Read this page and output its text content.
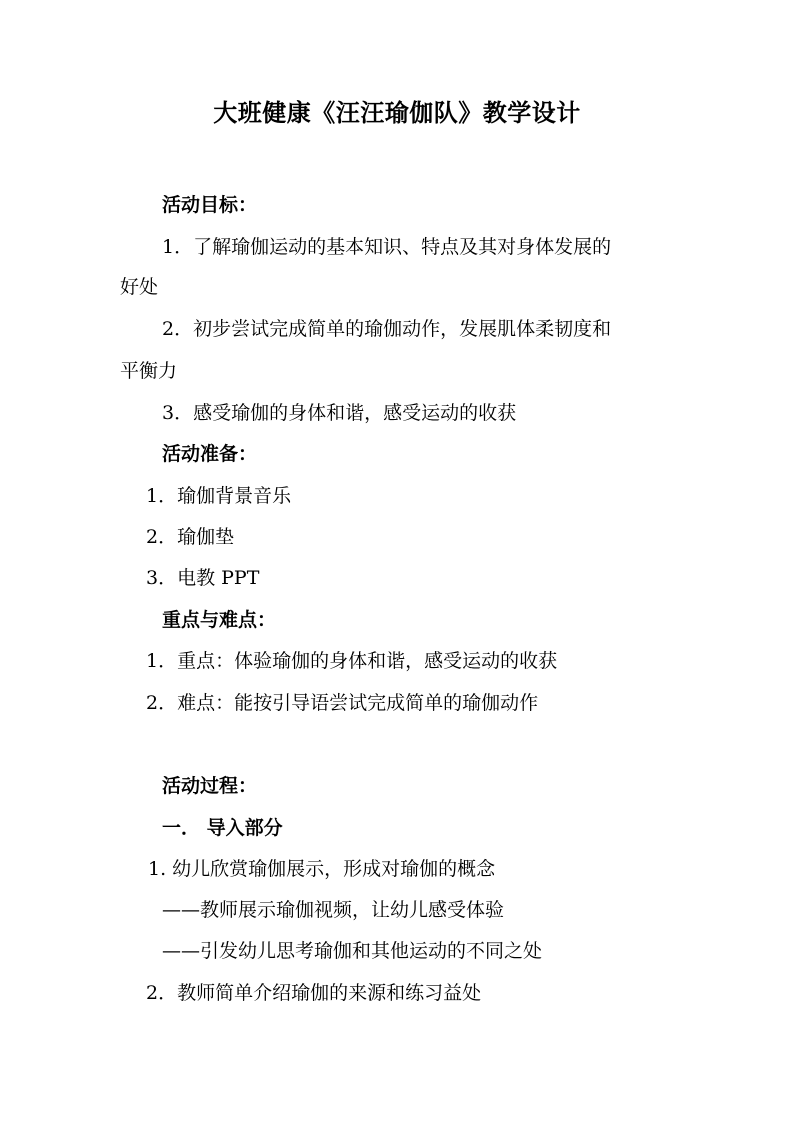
大班健康《汪汪瑜伽队》教学设计
活动目标：
1．了解瑜伽运动的基本知识、特点及其对身体发展的
好处
2．初步尝试完成简单的瑜伽动作，发展肌体柔韧度和
平衡力
3．感受瑜伽的身体和谐，感受运动的收获
活动准备：
1．瑜伽背景音乐
2．瑜伽垫
3．电教 PPT
重点与难点：
1．重点：体验瑜伽的身体和谐，感受运动的收获
2．难点：能按引导语尝试完成简单的瑜伽动作
活动过程：
一． 导入部分
1. 幼儿欣赏瑜伽展示，形成对瑜伽的概念
——教师展示瑜伽视频，让幼儿感受体验
——引发幼儿思考瑜伽和其他运动的不同之处
2．教师简单介绍瑜伽的来源和练习益处
